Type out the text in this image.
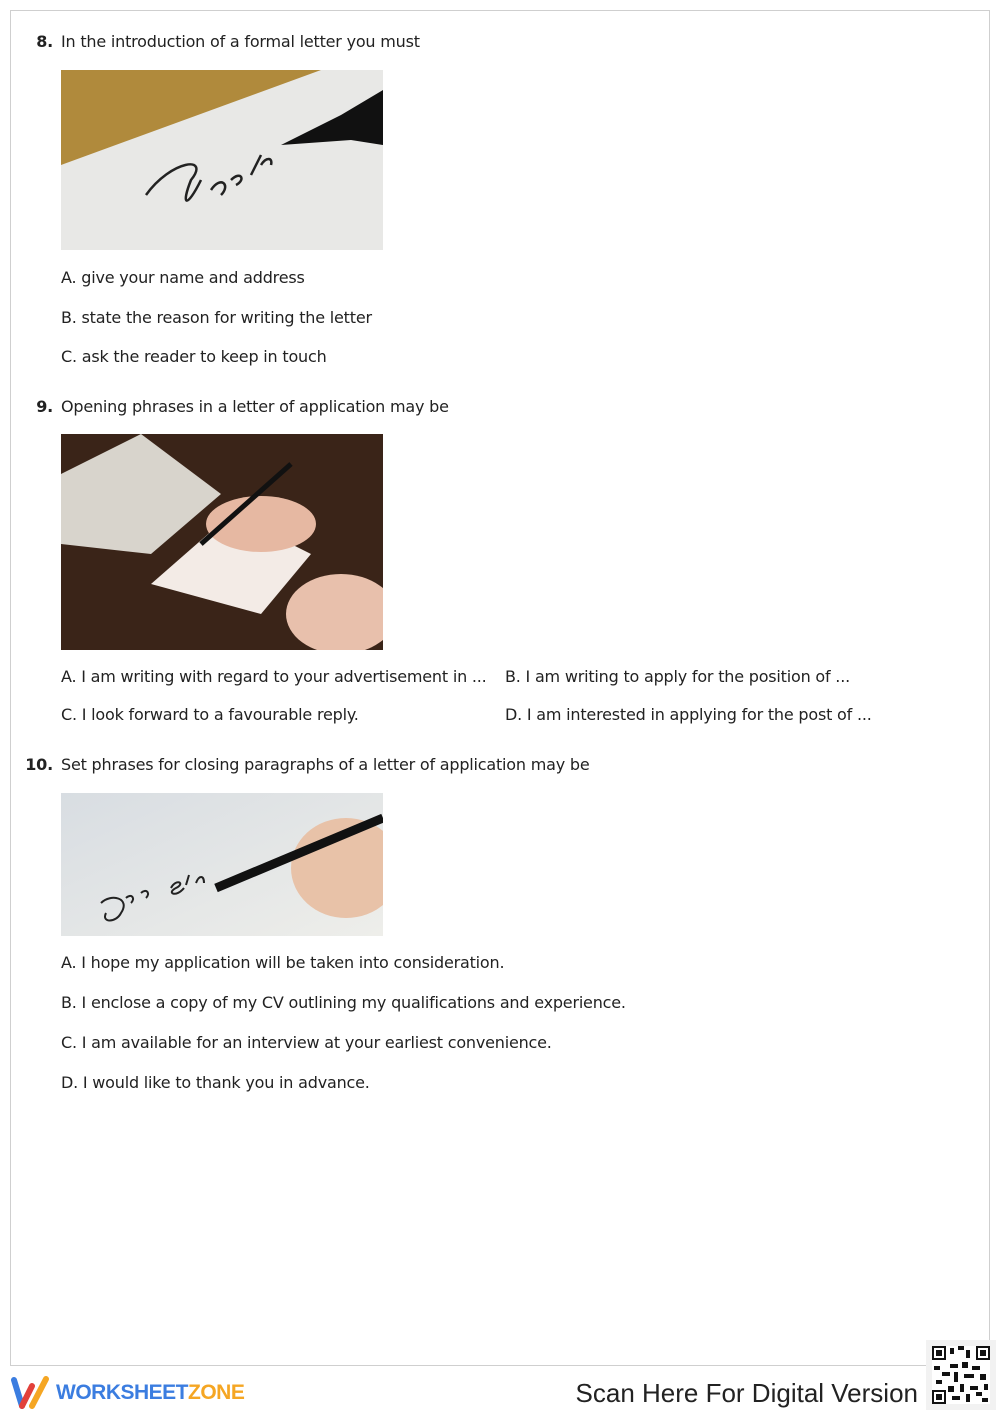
8. In the introduction of a formal letter you must
A. give your name and address
B. state the reason for writing the letter
C. ask the reader to keep in touch
9. Opening phrases in a letter of application may be
A. I am writing with regard to your advertisement in ... B. I am writing to apply for the position of ...
C. I look forward to a favourable reply.	D. I am interested in applying for the post of ...
10. Set phrases for closing paragraphs of a letter of application may be
A. I hope my application will be taken into consideration.
B. I enclose a copy of my CV outlining my qualifications and experience.
C. I am available for an interview at your earliest convenience.
D. I would like to thank you in advance.
WORKSHEETZONE	Scan Here For Digital Version
